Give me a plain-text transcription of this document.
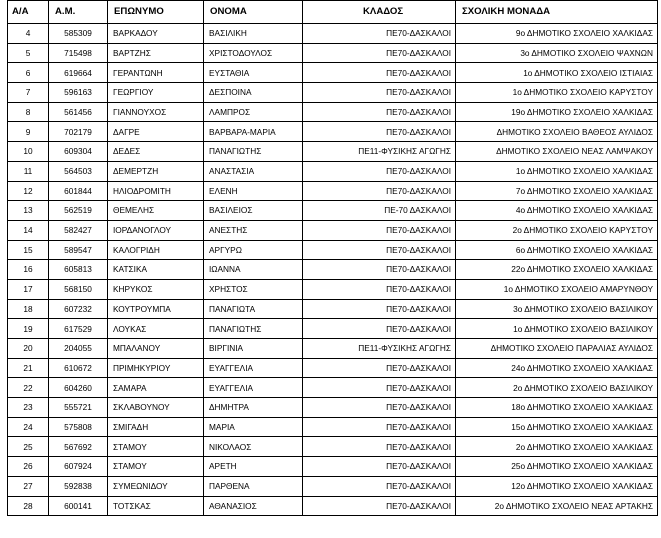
Α/Α	Α.Μ.	ΕΠΩΝΥΜΟ	ΟΝΟΜΑ	ΚΛΑΔΟΣ	ΣΧΟΛΙΚΗ ΜΟΝΑΔΑ
4	585309	ΒΑΡΚΑΔΟΥ	ΒΑΣΙΛΙΚΗ	ΠΕ70-ΔΑΣΚΑΛΟΙ	9ο ΔΗΜΟΤΙΚΟ ΣΧΟΛΕΙΟ ΧΑΛΚΙΔΑΣ
5	715498	ΒΑΡΤΖΗΣ	ΧΡΙΣΤΟΔΟΥΛΟΣ	ΠΕ70-ΔΑΣΚΑΛΟΙ	3ο ΔΗΜΟΤΙΚΟ ΣΧΟΛΕΙΟ ΨΑΧΝΩΝ
6	619664	ΓΕΡΑΝΤΩΝΗ	ΕΥΣΤΑΘΙΑ	ΠΕ70-ΔΑΣΚΑΛΟΙ	1ο ΔΗΜΟΤΙΚΟ ΣΧΟΛΕΙΟ ΙΣΤΙΑΙΑΣ
7	596163	ΓΕΩΡΓΙΟΥ	ΔΕΣΠΟΙΝΑ	ΠΕ70-ΔΑΣΚΑΛΟΙ	1ο ΔΗΜΟΤΙΚΟ ΣΧΟΛΕΙΟ ΚΑΡΥΣΤΟΥ
8	561456	ΓΙΑΝΝΟΥΧΟΣ	ΛΑΜΠΡΟΣ	ΠΕ70-ΔΑΣΚΑΛΟΙ	19ο ΔΗΜΟΤΙΚΟ ΣΧΟΛΕΙΟ ΧΑΛΚΙΔΑΣ
9	702179	ΔΑΓΡΕ	ΒΑΡΒΑΡΑ-ΜΑΡΙΑ	ΠΕ70-ΔΑΣΚΑΛΟΙ	ΔΗΜΟΤΙΚΟ ΣΧΟΛΕΙΟ ΒΑΘΕΟΣ ΑΥΛΙΔΟΣ
10	609304	ΔΕΔΕΣ	ΠΑΝΑΓΙΩΤΗΣ	ΠΕ11-ΦΥΣΙΚΗΣ ΑΓΩΓΗΣ	ΔΗΜΟΤΙΚΟ ΣΧΟΛΕΙΟ ΝΕΑΣ ΛΑΜΨΑΚΟΥ
11	564503	ΔΕΜΕΡΤΖΗ	ΑΝΑΣΤΑΣΙΑ	ΠΕ70-ΔΑΣΚΑΛΟΙ	1ο ΔΗΜΟΤΙΚΟ ΣΧΟΛΕΙΟ ΧΑΛΚΙΔΑΣ
12	601844	ΗΛΙΟΔΡΟΜΙΤΗ	ΕΛΕΝΗ	ΠΕ70-ΔΑΣΚΑΛΟΙ	7ο ΔΗΜΟΤΙΚΟ ΣΧΟΛΕΙΟ ΧΑΛΚΙΔΑΣ
13	562519	ΘΕΜΕΛΗΣ	ΒΑΣΙΛΕΙΟΣ	ΠΕ-70 ΔΑΣΚΑΛΟΙ	4ο ΔΗΜΟΤΙΚΟ ΣΧΟΛΕΙΟ ΧΑΛΚΙΔΑΣ
14	582427	ΙΟΡΔΑΝΟΓΛΟΥ	ΑΝΕΣΤΗΣ	ΠΕ70-ΔΑΣΚΑΛΟΙ	2ο ΔΗΜΟΤΙΚΟ ΣΧΟΛΕΙΟ ΚΑΡΥΣΤΟΥ
15	589547	ΚΑΛΟΓΡΙΔΗ	ΑΡΓΥΡΩ	ΠΕ70-ΔΑΣΚΑΛΟΙ	6ο ΔΗΜΟΤΙΚΟ ΣΧΟΛΕΙΟ ΧΑΛΚΙΔΑΣ
16	605813	ΚΑΤΣΙΚΑ	ΙΩΑΝΝΑ	ΠΕ70-ΔΑΣΚΑΛΟΙ	22ο ΔΗΜΟΤΙΚΟ ΣΧΟΛΕΙΟ ΧΑΛΚΙΔΑΣ
17	568150	ΚΗΡΥΚΟΣ	ΧΡΗΣΤΟΣ	ΠΕ70-ΔΑΣΚΑΛΟΙ	1ο ΔΗΜΟΤΙΚΟ ΣΧΟΛΕΙΟ ΑΜΑΡΥΝΘΟΥ
18	607232	ΚΟΥΤΡΟΥΜΠΑ	ΠΑΝΑΓΙΩΤΑ	ΠΕ70-ΔΑΣΚΑΛΟΙ	3ο ΔΗΜΟΤΙΚΟ ΣΧΟΛΕΙΟ ΒΑΣΙΛΙΚΟΥ
19	617529	ΛΟΥΚΑΣ	ΠΑΝΑΓΙΩΤΗΣ	ΠΕ70-ΔΑΣΚΑΛΟΙ	1ο ΔΗΜΟΤΙΚΟ ΣΧΟΛΕΙΟ ΒΑΣΙΛΙΚΟΥ
20	204055	ΜΠΑΛΑΝΟΥ	ΒΙΡΓΙΝΙΑ	ΠΕ11-ΦΥΣΙΚΗΣ ΑΓΩΓΗΣ	ΔΗΜΟΤΙΚΟ ΣΧΟΛΕΙΟ ΠΑΡΑΛΙΑΣ ΑΥΛΙΔΟΣ
21	610672	ΠΡΙΜΗΚΥΡΙΟΥ	ΕΥΑΓΓΕΛΙΑ	ΠΕ70-ΔΑΣΚΑΛΟΙ	24ο ΔΗΜΟΤΙΚΟ ΣΧΟΛΕΙΟ ΧΑΛΚΙΔΑΣ
22	604260	ΣΑΜΑΡΑ	ΕΥΑΓΓΕΛΙΑ	ΠΕ70-ΔΑΣΚΑΛΟΙ	2ο ΔΗΜΟΤΙΚΟ ΣΧΟΛΕΙΟ ΒΑΣΙΛΙΚΟΥ
23	555721	ΣΚΛΑΒΟΥΝΟΥ	ΔΗΜΗΤΡΑ	ΠΕ70-ΔΑΣΚΑΛΟΙ	18ο ΔΗΜΟΤΙΚΟ ΣΧΟΛΕΙΟ ΧΑΛΚΙΔΑΣ
24	575808	ΣΜΙΓΑΔΗ	ΜΑΡΙΑ	ΠΕ70-ΔΑΣΚΑΛΟΙ	15ο ΔΗΜΟΤΙΚΟ ΣΧΟΛΕΙΟ ΧΑΛΚΙΔΑΣ
25	567692	ΣΤΑΜΟΥ	ΝΙΚΟΛΑΟΣ	ΠΕ70-ΔΑΣΚΑΛΟΙ	2ο ΔΗΜΟΤΙΚΟ ΣΧΟΛΕΙΟ ΧΑΛΚΙΔΑΣ
26	607924	ΣΤΑΜΟΥ	ΑΡΕΤΗ	ΠΕ70-ΔΑΣΚΑΛΟΙ	25ο ΔΗΜΟΤΙΚΟ ΣΧΟΛΕΙΟ ΧΑΛΚΙΔΑΣ
27	592838	ΣΥΜΕΩΝΙΔΟΥ	ΠΑΡΘΕΝΑ	ΠΕ70-ΔΑΣΚΑΛΟΙ	12ο ΔΗΜΟΤΙΚΟ ΣΧΟΛΕΙΟ ΧΑΛΚΙΔΑΣ
28	600141	ΤΟΤΣΚΑΣ	ΑΘΑΝΑΣΙΟΣ	ΠΕ70-ΔΑΣΚΑΛΟΙ	2ο ΔΗΜΟΤΙΚΟ ΣΧΟΛΕΙΟ ΝΕΑΣ ΑΡΤΑΚΗΣ
